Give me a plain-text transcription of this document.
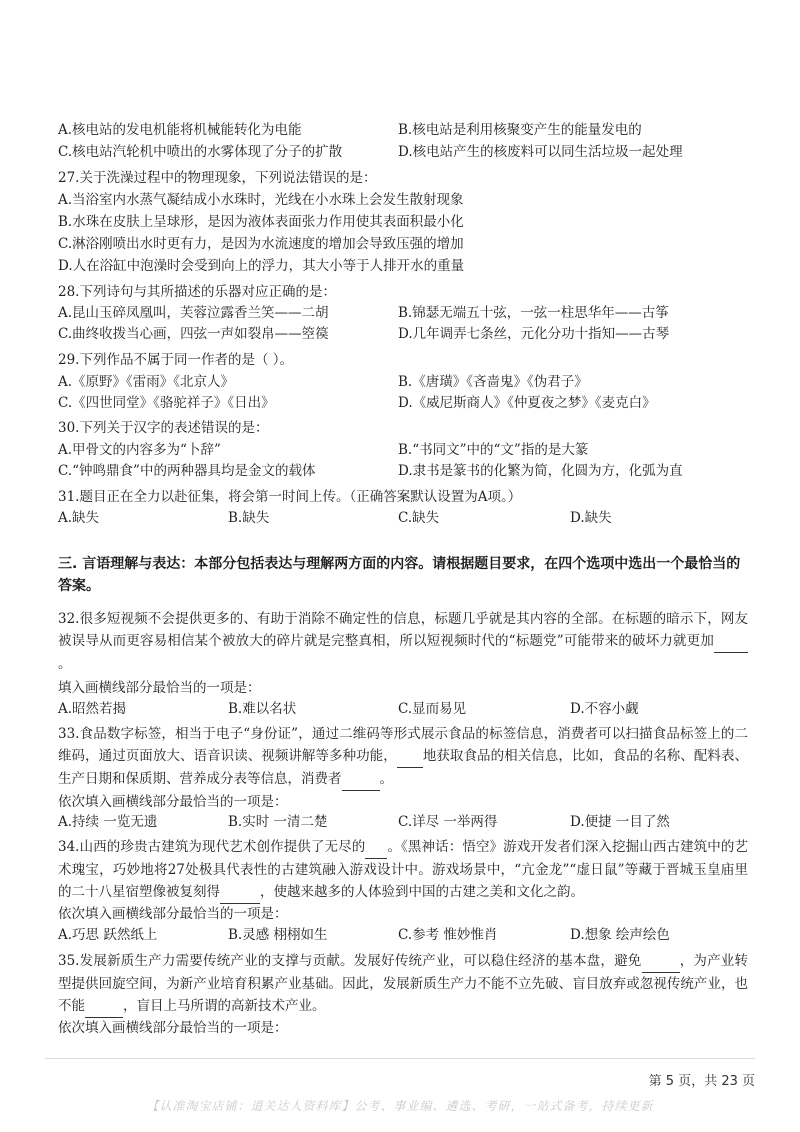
A.核电站的发电机能将机械能转化为电能	B.核电站是利用核聚变产生的能量发电的
C.核电站汽轮机中喷出的水雾体现了分子的扩散	D.核电站产生的核废料可以同生活垃圾一起处理
27.关于洗澡过程中的物理现象，下列说法错误的是：
A.当浴室内水蒸气凝结成小水珠时，光线在小水珠上会发生散射现象
B.水珠在皮肤上呈球形，是因为液体表面张力作用使其表面积最小化
C.淋浴刚喷出水时更有力，是因为水流速度的增加会导致压强的增加
D.人在浴缸中泡澡时会受到向上的浮力，其大小等于人排开水的重量
28.下列诗句与其所描述的乐器对应正确的是：
A.昆山玉碎凤凰叫，芙蓉泣露香兰笑——二胡	B.锦瑟无端五十弦，一弦一柱思华年——古筝
C.曲终收拨当心画，四弦一声如裂帛——箜篌	D.几年调弄七条丝，元化分功十指知——古琴
29.下列作品不属于同一作者的是（ ）。
A.《原野》《雷雨》《北京人》	B.《唐璜》《吝啬鬼》《伪君子》
C.《四世同堂》《骆驼祥子》《日出》	D.《威尼斯商人》《仲夏夜之梦》《麦克白》
30.下列关于汉字的表述错误的是：
A.甲骨文的内容多为“卜辞”	B.“书同文”中的“文”指的是大篆
C.“钟鸣鼎食”中的两种器具均是金文的载体	D.隶书是篆书的化繁为简，化圆为方，化弧为直
31.题目正在全力以赴征集，将会第一时间上传。（正确答案默认设置为A项。）
A.缺失	B.缺失	C.缺失	D.缺失
三. 言语理解与表达：本部分包括表达与理解两方面的内容。请根据题目要求，在四个选项中选出一个最恰当的答案。
32.很多短视频不会提供更多的、有助于消除不确定性的信息，标题几乎就是其内容的全部。在标题的暗示下，网友被误导从而更容易相信某个被放大的碎片就是完整真相，所以短视频时代的“标题党”可能带来的破坏力就更加 。
填入画横线部分最恰当的一项是：
A.昭然若揭	B.难以名状	C.显而易见	D.不容小觑
33.食品数字标签，相当于电子“身份证”，通过二维码等形式展示食品的标签信息，消费者可以扫描食品标签上的二维码，通过页面放大、语音识读、视频讲解等多种功能， 地获取食品的相关信息，比如，食品的名称、配料表、生产日期和保质期、营养成分表等信息，消费者	。
依次填入画横线部分最恰当的一项是：
A.持续 一览无遗	B.实时 一清二楚	C.详尽 一举两得	D.便捷 一目了然
34.山西的珍贵古建筑为现代艺术创作提供了无尽的 。《黑神话：悟空》游戏开发者们深入挖掘山西古建筑中的艺术瑰宝，巧妙地将27处极具代表性的古建筑融入游戏设计中。游戏场景中，“亢金龙”“虚日鼠”等藏于晋城玉皇庙里的二十八星宿塑像被复刻得	，使越来越多的人体验到中国的古建之美和文化之韵。
依次填入画横线部分最恰当的一项是：
A.巧思 跃然纸上	B.灵感 栩栩如生	C.参考 惟妙惟肖	D.想象 绘声绘色
35.发展新质生产力需要传统产业的支撑与贡献。发展好传统产业，可以稳住经济的基本盘，避免	，为产业转型提供回旋空间，为新产业培育积累产业基础。因此，发展新质生产力不能不立先破、盲目放弃或忽视传统产业，也不能	，盲目上马所谓的高新技术产业。
依次填入画横线部分最恰当的一项是：
第 5 页，共 23 页
【认准淘宝店铺：道关达人资料库】公考、事业编、遴选、考研，一站式备考，持续更新
